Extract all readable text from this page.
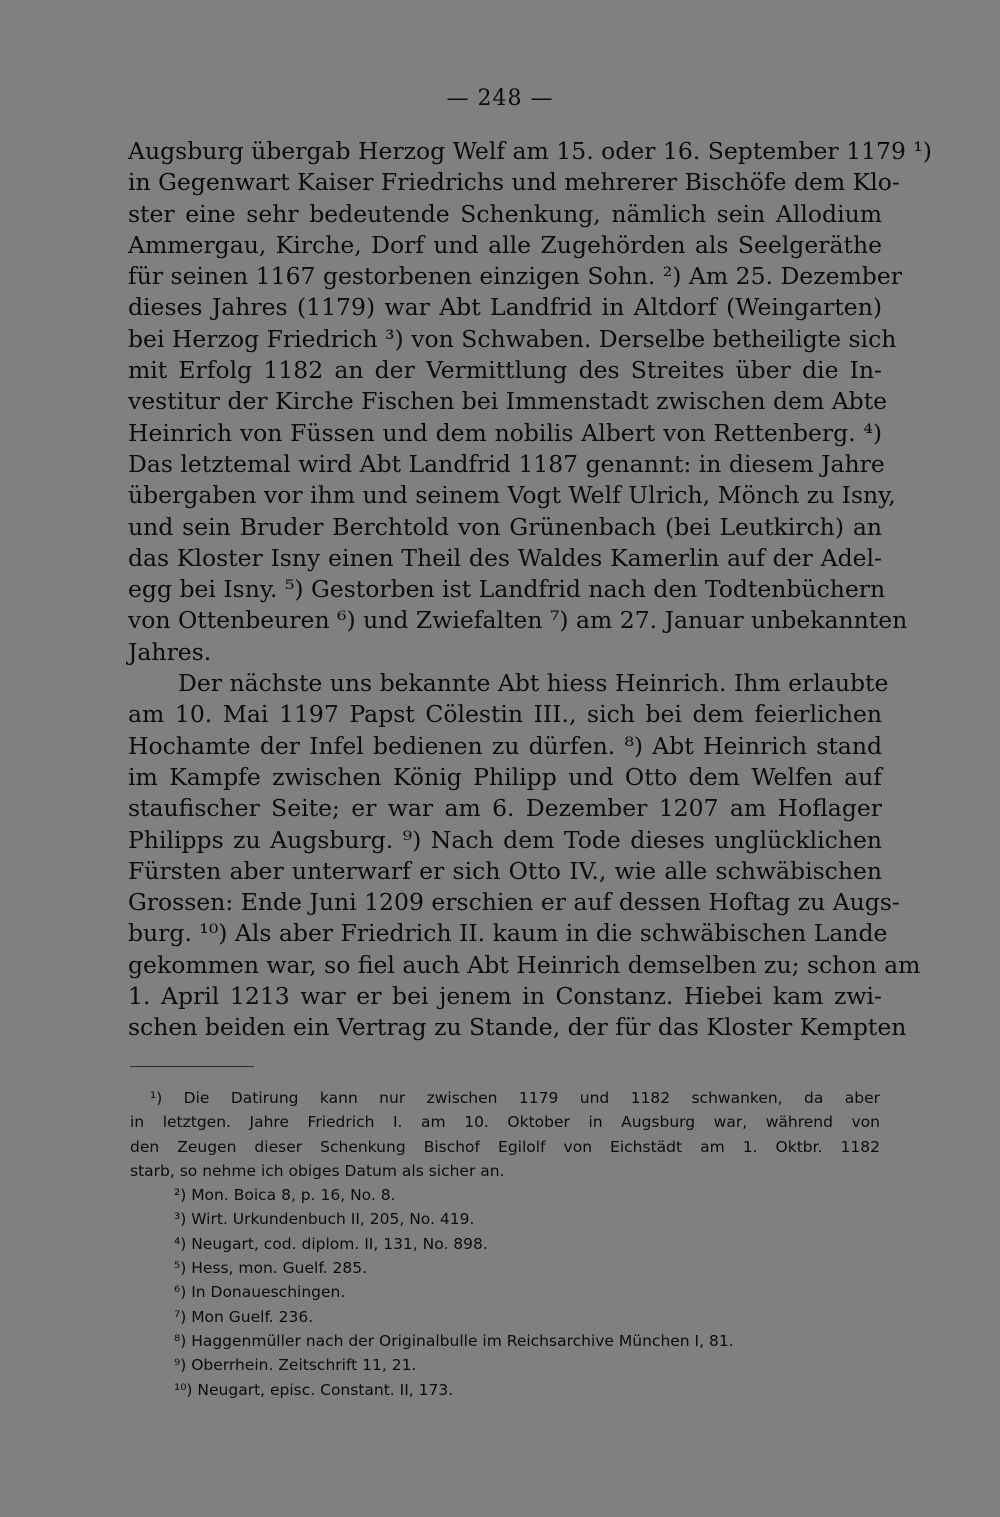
— 248 —
Augsburg übergab Herzog Welf am 15. oder 16. September 1179 ¹)
in Gegenwart Kaiser Friedrichs und mehrerer Bischöfe dem Klo-
ster eine sehr bedeutende Schenkung, nämlich sein Allodium
Ammergau, Kirche, Dorf und alle Zugehörden als Seelgeräthe
für seinen 1167 gestorbenen einzigen Sohn. ²) Am 25. Dezember
dieses Jahres (1179) war Abt Landfrid in Altdorf (Weingarten)
bei Herzog Friedrich ³) von Schwaben. Derselbe betheiligte sich
mit Erfolg 1182 an der Vermittlung des Streites über die In-
vestitur der Kirche Fischen bei Immenstadt zwischen dem Abte
Heinrich von Füssen und dem nobilis Albert von Rettenberg. ⁴)
Das letztemal wird Abt Landfrid 1187 genannt: in diesem Jahre
übergaben vor ihm und seinem Vogt Welf Ulrich, Mönch zu Isny,
und sein Bruder Berchtold von Grünenbach (bei Leutkirch) an
das Kloster Isny einen Theil des Waldes Kamerlin auf der Adel-
egg bei Isny. ⁵) Gestorben ist Landfrid nach den Todtenbüchern
von Ottenbeuren ⁶) und Zwiefalten ⁷) am 27. Januar unbekannten
Jahres.
Der nächste uns bekannte Abt hiess Heinrich. Ihm erlaubte
am 10. Mai 1197 Papst Cölestin III., sich bei dem feierlichen
Hochamte der Infel bedienen zu dürfen. ⁸) Abt Heinrich stand
im Kampfe zwischen König Philipp und Otto dem Welfen auf
staufischer Seite; er war am 6. Dezember 1207 am Hoflager
Philipps zu Augsburg. ⁹) Nach dem Tode dieses unglücklichen
Fürsten aber unterwarf er sich Otto IV., wie alle schwäbischen
Grossen: Ende Juni 1209 erschien er auf dessen Hoftag zu Augs-
burg. ¹⁰) Als aber Friedrich II. kaum in die schwäbischen Lande
gekommen war, so fiel auch Abt Heinrich demselben zu; schon am
1. April 1213 war er bei jenem in Constanz. Hiebei kam zwi-
schen beiden ein Vertrag zu Stande, der für das Kloster Kempten
¹) Die Datirung kann nur zwischen 1179 und 1182 schwanken, da aber
in letztgen. Jahre Friedrich I. am 10. Oktober in Augsburg war, während von
den Zeugen dieser Schenkung Bischof Egilolf von Eichstädt am 1. Oktbr. 1182
starb, so nehme ich obiges Datum als sicher an.
²) Mon. Boica 8, p. 16, No. 8.
³) Wirt. Urkundenbuch II, 205, No. 419.
⁴) Neugart, cod. diplom. II, 131, No. 898.
⁵) Hess, mon. Guelf. 285.
⁶) In Donaueschingen.
⁷) Mon Guelf. 236.
⁸) Haggenmüller nach der Originalbulle im Reichsarchive München I, 81.
⁹) Oberrhein. Zeitschrift 11, 21.
¹⁰) Neugart, episc. Constant. II, 173.
